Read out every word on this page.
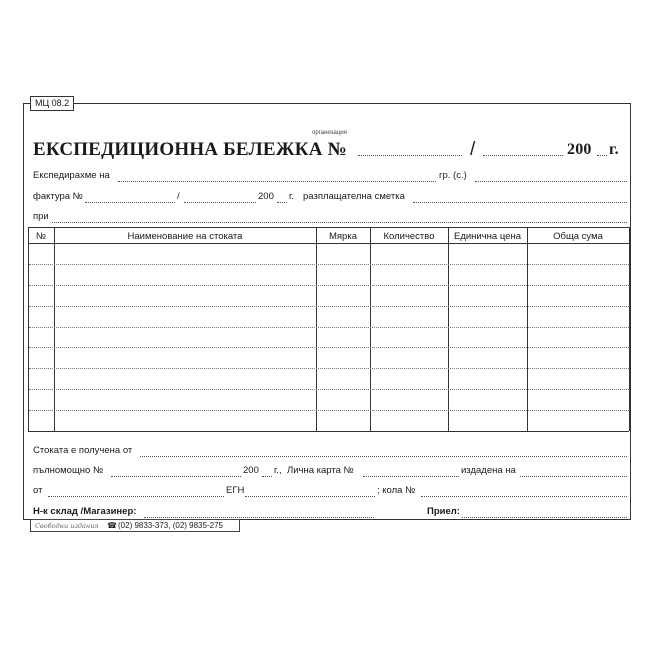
МЦ 08.2
организация
ЕКСПЕДИЦИОННА БЕЛЕЖКА №	/	200 г.
Експедирахме на	гр. (с.)
фактура №	/	200 г. разплащателна сметка
при
№	Наименование на стоката	Мярка	Количество	Единична цена	Обща сума
Стоката е получена от
пълномощно №	200 г., Лична карта №	издадена на
от	ЕГН	; кола №
Н-к склад /Магазинер:	Приел:
Свободни издания ☎ (02) 9833-373, (02) 9835-275
